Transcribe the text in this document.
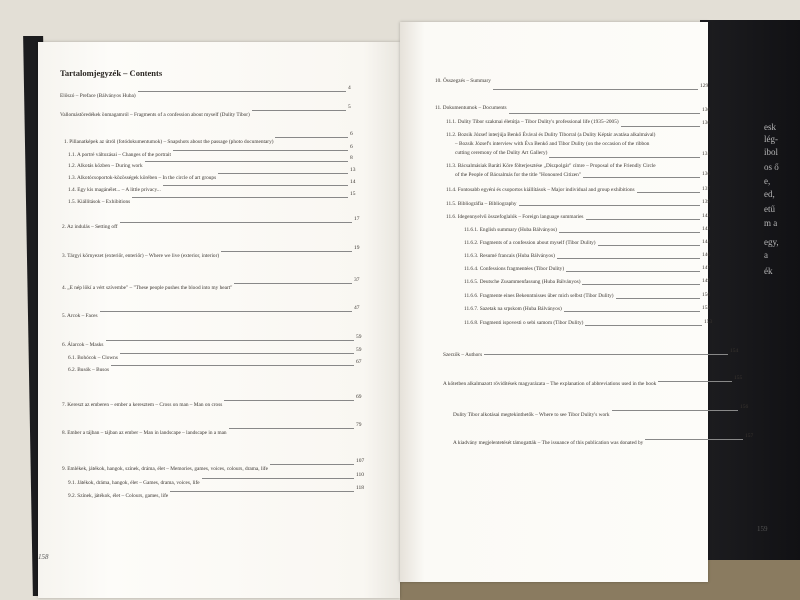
esk
lég-
ibol
os ő
e,
ed,
etű
m a
egy,
a
ék
Tartalomjegyzék – Contents
Előszó – Preface (Bálványos Huba)
4
Vallomástöredékek önmagamról – Fragments of a confession about myself (Dulity Tibor)
5
1. Pillanatképek az útról (fotódokumentumok) – Snapshots about the passage (photo documentary)
6
1.1. A portré változásai – Changes of the portrait
6
1.2. Alkotás közben – During work
8
1.3. Alkotócsoportok-közösségek körében – In the circle of art groups
13
1.4. Egy kis magánélet... – A little privacy...
14
1.5. Kiállítások – Exhibitions
15
2. Az indulás – Setting off
17
3. Tárgyi környezet (exteriőr, enteriőr) – Where we live (exterior, interior)
19
4. „E nép lökí a vért szívembe" – "These people pushes the blood into my heart"
37
5. Arcok – Faces
47
6. Álarcok – Masks
59
6.1. Bohócok – Clowns
59
6.2. Busók – Busos
67
7. Kereszt az emberen – ember a keresztem – Cross on man – Man on cross
69
8. Ember a tájban – tájban az ember – Man in landscape – landscape in a man
79
9. Emlékek, játékok, hangok, színek, dráma, élet – Memories, games, voices, colours, drama, life
107
9.1. Játékok, dráma, hangok, élet – Games, drama, voices, life
110
9.2. Színek, játékok, élet – Colours, games, life
118
10. Összegzés – Summary
129
11. Dokumentumok – Documents	130
11.1. Dulity Tibor szakmai életútja – Tibor Dulity's professional life (1935–2005)	130
11.2. Bozsik József interjúja Benkő Évával és Dulity Tiborral (a Dulity Képtár avatása alkalmával)
– Bozsik József's interview with Éva Benkő and Tibor Dulity (on the occasion of the ribbon
cutting ceremony of the Dulity Art Gallery)	131
11.3. Bácsalmásiak Baráti Köre fölterjesztése „Díszpolgár" címre – Proposal of the Friendly Circle
of the People of Bácsalmás for the title "Honoured Citizen"	136
11.4. Fontosabb egyéni és csoportos kiállítások – Major individual and group exhibitions	137
11.5. Bibliográfia – Bibliography	139
11.6. Idegennyelvű összefoglalók – Foreign language summaries	143
11.6.1. English summary (Huba Bálványos)	143
11.6.2. Fragments of a confession about myself (Tibor Dulity)	144
11.6.3. Resumé francais (Huba Bálványos)	146
11.6.4. Confessions fragmentées (Tibor Dulity)	147
11.6.5. Deutsche Zusammenfassung (Huba Bálványos)	149
11.6.6. Fragmente eines Bekenntnisses über mich selbst (Tibor Dulity)	150
11.6.7. Sazetak na srpskom (Huba Bálványos)	152
11.6.8. Fragmenti ispovesti o sebi samom (Tibor Dulity)	153
Szerzők – Authors
154
A kötetben alkalmazott rövidítések magyarázata – The explanation of abbreviations used in the book
155
Dulity Tibor alkotásai megtekinthetők – Where to see Tibor Dulity's work
156
A kiadvány megjelentetését támogatták – The issuance of this publication was donated by
157
158
159
